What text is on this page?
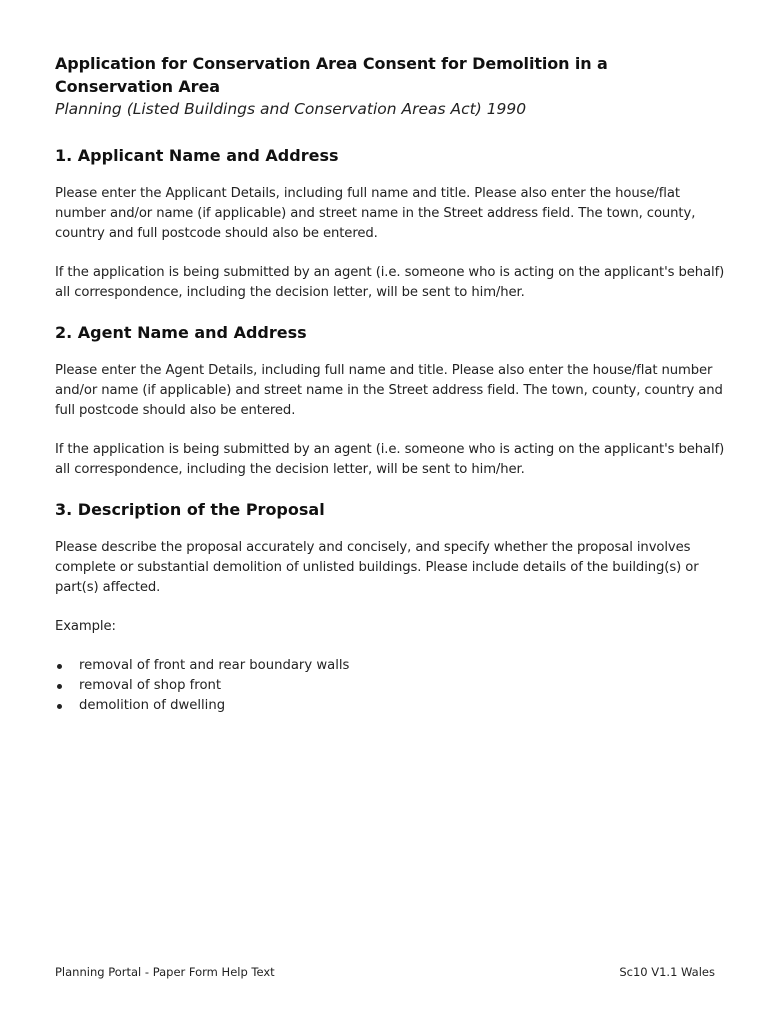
Application for Conservation Area Consent for Demolition in a
Conservation Area

Planning (Listed Buildings and Conservation Areas Act) 1990

1. Applicant Name and Address

Please enter the Applicant Details, including full name and title. Please also enter the house/flat number and/or name (if applicable) and street name in the Street address field. The town, county, country and full postcode should also be entered.

If the application is being submitted by an agent (i.e. someone who is acting on the applicant's behalf) all correspondence, including the decision letter, will be sent to him/her.

2. Agent Name and Address

Please enter the Agent Details, including full name and title. Please also enter the house/flat number and/or name (if applicable) and street name in the Street address field. The town, county, country and full postcode should also be entered.

If the application is being submitted by an agent (i.e. someone who is acting on the applicant's behalf) all correspondence, including the decision letter, will be sent to him/her.

3. Description of the Proposal

Please describe the proposal accurately and concisely, and specify whether the proposal involves complete or substantial demolition of unlisted buildings. Please include details of the building(s) or part(s) affected.

Example:

removal of front and rear boundary walls
removal of shop front
demolition of dwelling
Planning Portal - Paper Form Help Text	Sc10 V1.1 Wales
